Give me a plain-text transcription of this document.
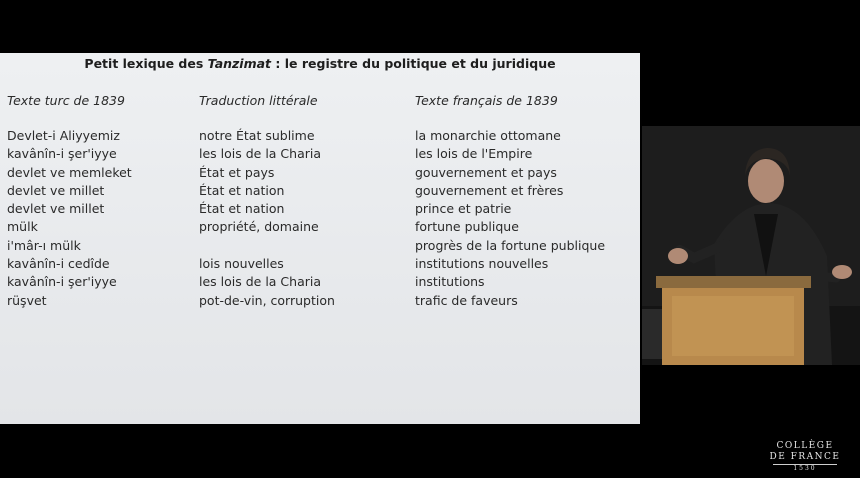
Petit lexique des Tanzimat : le registre du politique et du juridique
Texte turc de 1839	Traduction littérale	Texte français de 1839
Devlet-i Aliyyemiz
kavânîn-i şer'iyye
devlet ve memleket
devlet ve millet
devlet ve millet
mülk
i'mâr-ı mülk
kavânîn-i cedîde
kavânîn-i şer'iyye
rüşvet
notre État sublime
les lois de la Charia
État et pays
État et nation
État et nation
propriété, domaine
lois nouvelles
les lois de la Charia
pot-de-vin, corruption
la monarchie ottomane
les lois de l'Empire
gouvernement et pays
gouvernement et frères
prince et patrie
fortune publique
progrès de la fortune publique
institutions nouvelles
institutions
trafic de faveurs
COLLÈGE
DE FRANCE
1530
